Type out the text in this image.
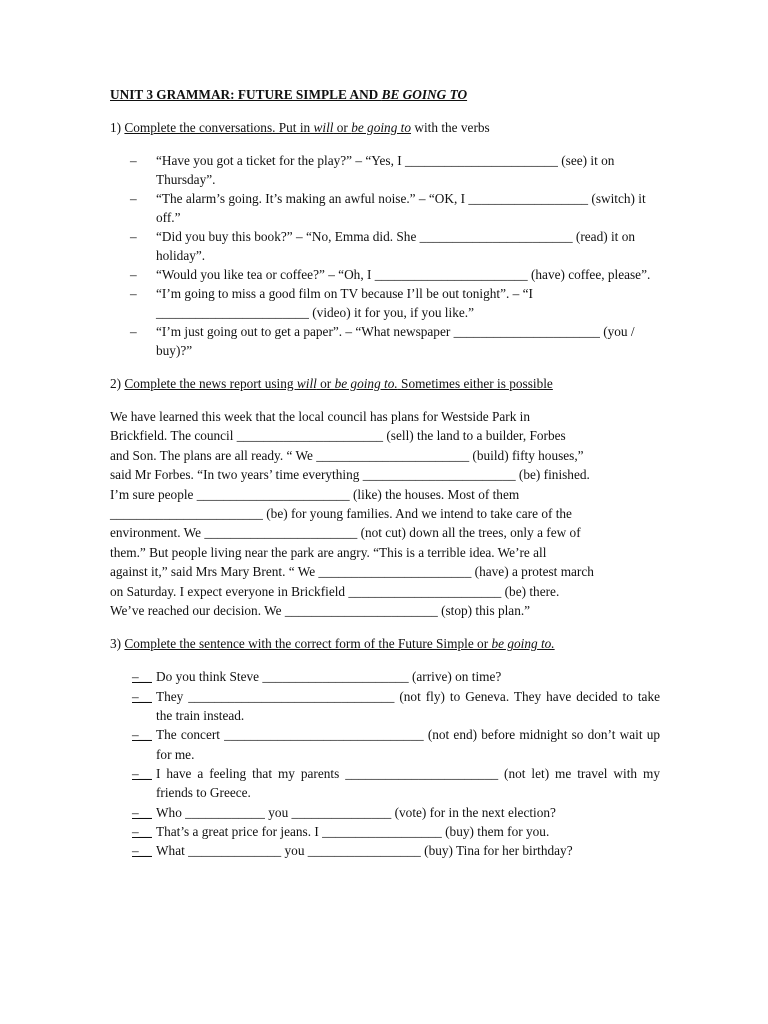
UNIT 3 GRAMMAR: FUTURE SIMPLE AND BE GOING TO
1) Complete the conversations. Put in will or be going to with the verbs
– “Have you got a ticket for the play?” – “Yes, I _______________________ (see) it on Thursday”.
– “The alarm’s going. It’s making an awful noise.” – “OK, I __________________ (switch) it off.”
– “Did you buy this book?” – “No, Emma did. She _______________________ (read) it on holiday”.
– “Would you like tea or coffee?” – “Oh, I _______________________ (have) coffee, please”.
– “I’m going to miss a good film on TV because I’ll be out tonight”. – “I _______________________ (video) it for you, if you like.”
– “I’m just going out to get a paper”. – “What newspaper ______________________ (you / buy)?”
2) Complete the news report using will or be going to. Sometimes either is possible
We have learned this week that the local council has plans for Westside Park in
Brickfield. The council ______________________ (sell) the land to a builder, Forbes
and Son. The plans are all ready. “ We _______________________ (build) fifty houses,”
said Mr Forbes. “In two years’ time everything _______________________ (be) finished.
I’m sure people _______________________ (like) the houses. Most of them
_______________________ (be) for young families. And we intend to take care of the
environment. We _______________________ (not cut) down all the trees, only a few of
them.” But people living near the park are angry. “This is a terrible idea. We’re all
against it,” said Mrs Mary Brent. “ We _______________________ (have) a protest march
on Saturday. I expect everyone in Brickfield _______________________ (be) there.
We’ve reached our decision. We _______________________ (stop) this plan.”
3) Complete the sentence with the correct form of the Future Simple or be going to.
–__ Do you think Steve ______________________ (arrive) on time?
–__ They _______________________________ (not fly) to Geneva. They have decided to take the train instead.
–__ The concert ______________________________ (not end) before midnight so don’t wait up for me.
–__ I have a feeling that my parents _______________________ (not let) me travel with my friends to Greece.
–__ Who ____________ you _______________ (vote) for in the next election?
–__ That’s a great price for jeans. I __________________ (buy) them for you.
–__ What ______________ you _________________ (buy) Tina for her birthday?
